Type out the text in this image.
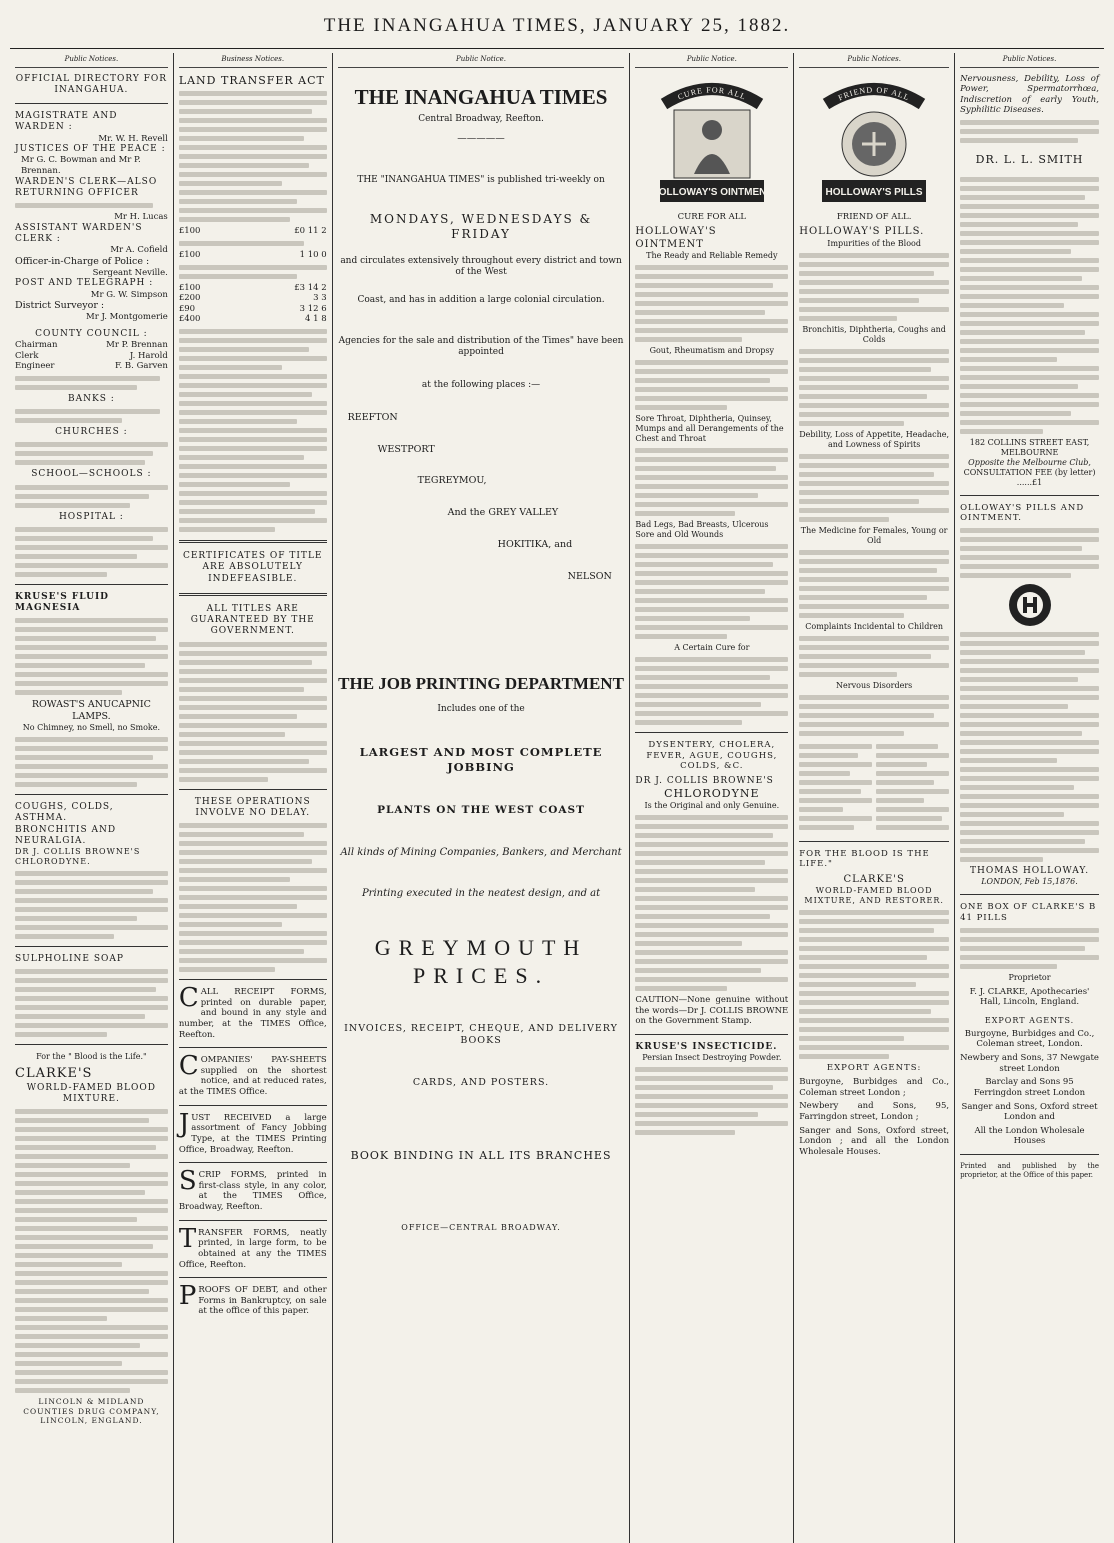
THE INANGAHUA TIMES, JANUARY 25, 1882.
Public Notices.
OFFICIAL DIRECTORY FOR INANGAHUA.
MAGISTRATE AND WARDEN :
Mr. W. H. Revell
JUSTICES OF THE PEACE :
Mr G. C. Bowman and Mr P. Brennan.
WARDEN'S CLERK—ALSO RETURNING OFFICER
Mr H. Lucas
ASSISTANT WARDEN'S CLERK :
Mr A. Cofield
Officer-in-Charge of Police :
Sergeant Neville.
POST AND TELEGRAPH :
Mr G. W. Simpson
District Surveyor :
Mr J. Montgomerie
COUNTY COUNCIL :
Chairman	Mr P. Brennan
Clerk	J. Harold
Engineer	F. B. Garven
BANKS :
CHURCHES :
SCHOOL—SCHOOLS :
HOSPITAL :
KRUSE'S FLUID MAGNESIA
ROWAST'S ANUCAPNIC LAMPS.
No Chimney, no Smell, no Smoke.
COUGHS, COLDS, ASTHMA.
BRONCHITIS AND NEURALGIA.
DR J. COLLIS BROWNE'S CHLORODYNE.
SULPHOLINE SOAP
For the " Blood is the Life."
CLARKE'S
WORLD-FAMED BLOOD MIXTURE.
LINCOLN & MIDLAND COUNTIES DRUG COMPANY, LINCOLN, ENGLAND.
Business Notices.
LAND TRANSFER ACT
£100	£0 11 2
£100	1 10 0
£100	£3 14 2
£200	3 3
£90	3 12 6
£400	4 1 8
CERTIFICATES OF TITLE ARE ABSOLUTELY INDEFEASIBLE.
ALL TITLES ARE GUARANTEED BY THE GOVERNMENT.
THESE OPERATIONS INVOLVE NO DELAY.

CALL RECEIPT FORMS, printed on durable paper, and bound in any style and number, at the TIMES Office, Reefton.

COMPANIES' PAY-SHEETS supplied on the shortest notice, and at reduced rates, at the TIMES Office.

JUST RECEIVED a large assortment of Fancy Jobbing Type, at the TIMES Printing Office, Broadway, Reefton.

SCRIP FORMS, printed in first-class style, in any color, at the TIMES Office, Broadway, Reefton.

TRANSFER FORMS, neatly printed, in large form, to be obtained at any the TIMES Office, Reefton.

PROOFS OF DEBT, and other Forms in Bankruptcy, on sale at the office of this paper.

Public Notice.
THE INANGAHUA TIMES
Central Broadway, Reefton.
—————
THE "INANGAHUA TIMES" is published tri-weekly on
MONDAYS, WEDNESDAYS & FRIDAY
and circulates extensively throughout every district and town of the West
Coast, and has in addition a large colonial circulation.
Agencies for the sale and distribution of the Times" have been appointed
at the following places :—
REEFTON
WESTPORT
TEGREYMOU,
And the GREY VALLEY
HOKITIKA, and
NELSON
THE JOB PRINTING DEPARTMENT
Includes one of the
LARGEST AND MOST COMPLETE JOBBING
PLANTS ON THE WEST COAST
All kinds of Mining Companies, Bankers, and Merchant
Printing executed in the neatest design, and at
GREYMOUTH PRICES.
INVOICES, RECEIPT, CHEQUE, AND DELIVERY BOOKS
CARDS, AND POSTERS.
BOOK BINDING IN ALL ITS BRANCHES
OFFICE—CENTRAL BROADWAY.
Public Notice.
CURE FOR ALL
HOLLOWAY'S OINTMENT
CURE FOR ALL
HOLLOWAY'S OINTMENT
The Ready and Reliable Remedy
Gout, Rheumatism and Dropsy
Sore Throat, Diphtheria, Quinsey, Mumps and all Derangements of the Chest and Throat
Bad Legs, Bad Breasts, Ulcerous Sore and Old Wounds
A Certain Cure for
DYSENTERY, CHOLERA, FEVER, AGUE, COUGHS, COLDS, &C.
DR J. COLLIS BROWNE'S
CHLORODYNE
Is the Original and only Genuine.

CAUTION—None genuine without the words—Dr J. COLLIS BROWNE on the Government Stamp.

KRUSE'S INSECTICIDE.
Persian Insect Destroying Powder.
Public Notices.
FRIEND OF ALL
HOLLOWAY'S PILLS
FRIEND OF ALL.
HOLLOWAY'S PILLS.
Impurities of the Blood
Bronchitis, Diphtheria, Coughs and Colds
Debility, Loss of Appetite, Headache, and Lowness of Spirits
The Medicine for Females, Young or Old
Complaints Incidental to Children
Nervous Disorders
FOR THE BLOOD IS THE LIFE."
CLARKE'S
WORLD-FAMED BLOOD MIXTURE, AND RESTORER.
EXPORT AGENTS:

Burgoyne, Burbidges and Co., Coleman street London ;

Newbery and Sons, 95, Farringdon street, London ;

Sanger and Sons, Oxford street, London ; and all the London Wholesale Houses.

Public Notices.

Nervousness, Debility, Loss of Power, Spermatorrhœa, Indiscretion of early Youth, Syphilitic Diseases.

DR. L. L. SMITH
182 COLLINS STREET EAST, MELBOURNE
Opposite the Melbourne Club,
CONSULTATION FEE (by letter) ......£1
OLLOWAY'S PILLS AND OINTMENT.
THOMAS HOLLOWAY.
LONDON, Feb 15,1876.
ONE BOX OF CLARKE'S B 41 PILLS
Proprietor
F. J. CLARKE, Apothecaries' Hall, Lincoln, England.
EXPORT AGENTS.

Burgoyne, Burbidges and Co., Coleman street, London.

Newbery and Sons, 37 Newgate street London

Barclay and Sons 95 Ferringdon street London

Sanger and Sons, Oxford street London and

All the London Wholesale Houses

Printed and published by the proprietor, at the Office of this paper.
